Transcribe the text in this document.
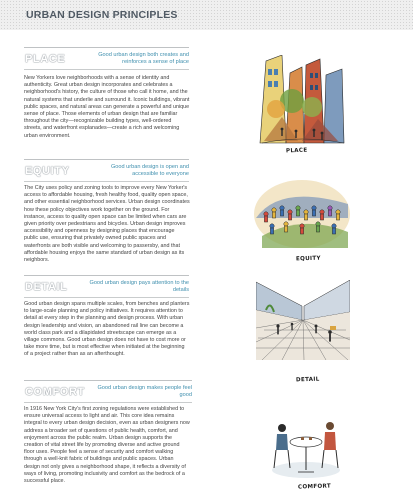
URBAN DESIGN PRINCIPLES
PLACE	Good urban design both creates and reinforces a sense of place
New Yorkers love neighborhoods with a sense of identity and authenticity. Great urban design incorporates and celebrates a neighborhood's history, the culture of those who call it home, and the natural systems that underlie and surround it. Iconic buildings, vibrant public spaces, and natural areas can generate a powerful and unique sense of place. Those elements of urban design that are familiar throughout the city—recognizable building types, well-ordered streets, and waterfront esplanades—create a rich and welcoming urban environment.
PLACE
EQUITY	Good urban design is open and accessible to everyone
The City uses policy and zoning tools to improve every New Yorker's access to affordable housing, fresh healthy food, quality open space, and other essential neighborhood services. Urban design coordinates how these policy objectives work together on the ground. For instance, access to quality open space can be limited when cars are given priority over pedestrians and bicycles. Urban design improves accessibility and openness by designing places that encourage public use, ensuring that privately owned public spaces and waterfronts are both visible and welcoming to passersby, and that affordable housing enjoys the same standard of urban design as its neighbors.	EQUITY
DETAIL	Good urban design pays attention to the details
Good urban design spans multiple scales, from benches and planters to large-scale planning and policy initiatives. It requires attention to detail at every step in the planning and design process. With urban design leadership and vision, an abandoned rail line can become a world class park and a dilapidated streetscape can emerge as a village commons. Good urban design does not have to cost more or take more time, but is most effective when initiated at the beginning of a project rather than as an afterthought.
DETAIL
COMFORT	Good urban design makes people feel good
In 1916 New York City's first zoning regulations were established to ensure universal access to light and air. This core idea remains integral to every urban design decision, even as urban designers now address a broader set of questions of public health, comfort, and enjoyment across the public realm. Urban design supports the creation of vital street life by promoting diverse and active ground floor uses. People feel a sense of security and comfort walking through a well-knit fabric of buildings and public spaces. Urban design not only gives a neighborhood shape, it reflects a diversity of ways of living, promoting inclusivity and comfort as the bedrock of a successful place.
COMFORT
